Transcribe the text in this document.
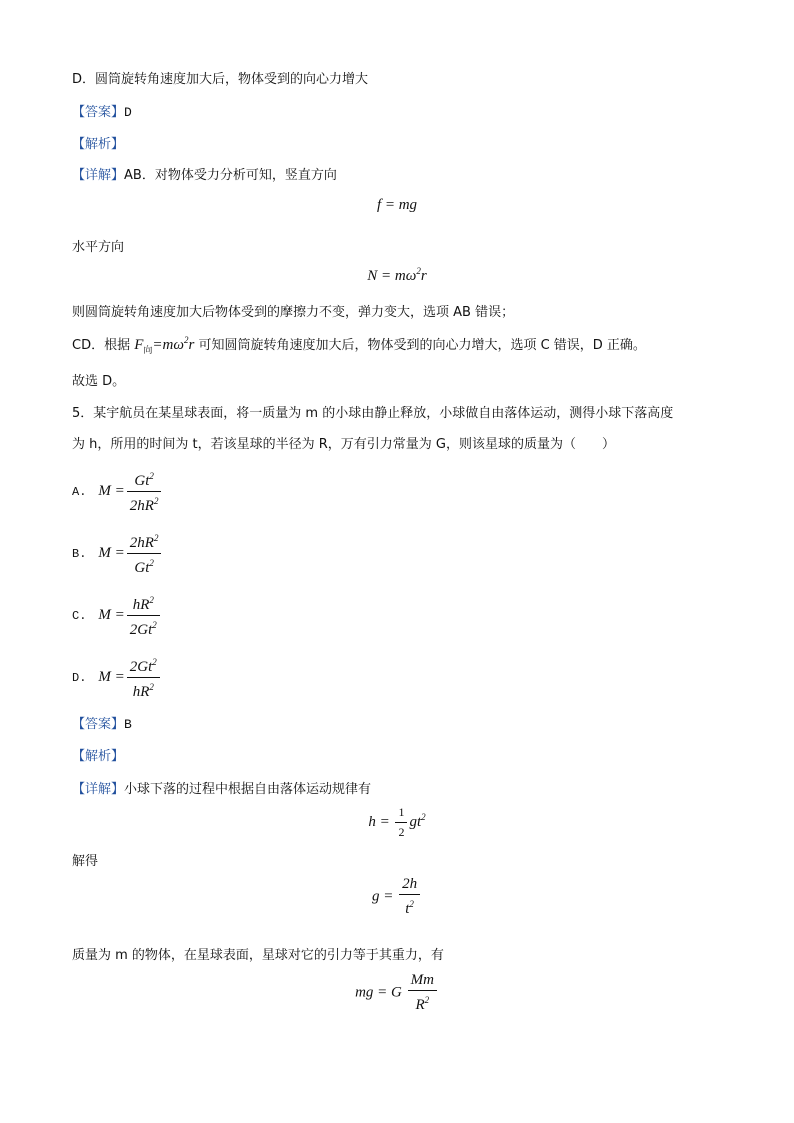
D．圆筒旋转角速度加大后，物体受到的向心力增大
【答案】D
【解析】
【详解】AB．对物体受力分析可知，竖直方向
f = mg
水平方向
$N = m\omega^2r$
则圆筒旋转角速度加大后物体受到的摩擦力不变，弹力变大，选项 AB 错误；
CD．根据 $F_向=m\omega^2r$ 可知圆筒旋转角速度加大后，物体受到的向心力增大，选项 C 错误，D 正确。
故选 D。
5．某宇航员在某星球表面，将一质量为 m 的小球由静止释放，小球做自由落体运动，测得小球下落高度
为 h，所用的时间为 t，若该星球的半径为 R，万有引力常量为 G，则该星球的质量为（　　）
A. $M = \frac{Gt^2}{2hR^2}$
B. $M = \frac{2hR^2}{Gt^2}$
C. $M = \frac{hR^2}{2Gt^2}$
D. $M = \frac{2Gt^2}{hR^2}$
【答案】B
【解析】
【详解】小球下落的过程中根据自由落体运动规律有
$h = \frac{1}{2} gt^2$
解得
$g = \frac{2h}{t^2}$
质量为 m 的物体，在星球表面，星球对它的引力等于其重力，有
mg = G $\frac{Mm}{R^2}$
